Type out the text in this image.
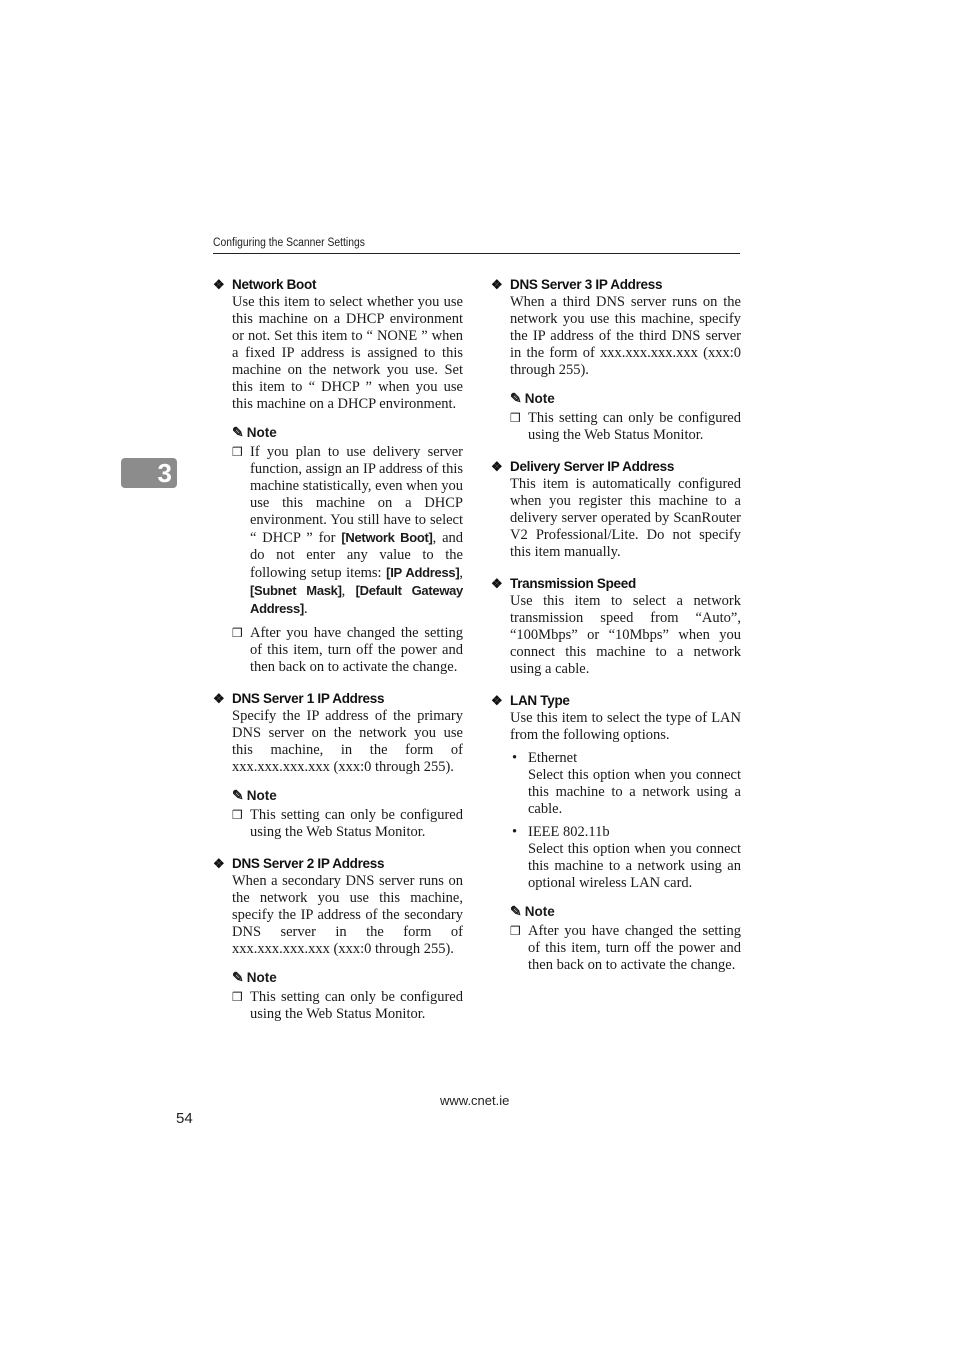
Configuring the Scanner Settings
3
❖ Network Boot
Use this item to select whether you use this machine on a DHCP environment or not. Set this item to “ NONE ” when a fixed IP address is assigned to this machine on the network you use. Set this item to “ DHCP ” when you use this machine on a DHCP environment.
✎ Note
❒ If you plan to use delivery server function, assign an IP address of this machine statistically, even when you use this machine on a DHCP environment. You still have to select “ DHCP ” for [Network Boot], and do not enter any value to the following setup items: [IP Address], [Subnet Mask], [Default Gateway Address].
❒ After you have changed the setting of this item, turn off the power and then back on to activate the change.
❖ DNS Server 1 IP Address
Specify the IP address of the primary DNS server on the network you use this machine, in the form of xxx.xxx.xxx.xxx (xxx:0 through 255).
✎ Note
❒ This setting can only be configured using the Web Status Monitor.
❖ DNS Server 2 IP Address
When a secondary DNS server runs on the network you use this machine, specify the IP address of the secondary DNS server in the form of xxx.xxx.xxx.xxx (xxx:0 through 255).
✎ Note
❒ This setting can only be configured using the Web Status Monitor.
❖ DNS Server 3 IP Address
When a third DNS server runs on the network you use this machine, specify the IP address of the third DNS server in the form of xxx.xxx.xxx.xxx (xxx:0 through 255).
✎ Note
❒ This setting can only be configured using the Web Status Monitor.
❖ Delivery Server IP Address
This item is automatically configured when you register this machine to a delivery server operated by ScanRouter V2 Professional/Lite. Do not specify this item manually.
❖ Transmission Speed
Use this item to select a network transmission speed from “Auto”, “100Mbps” or “10Mbps” when you connect this machine to a network using a cable.
❖ LAN Type
Use this item to select the type of LAN from the following options.
• Ethernet
Select this option when you connect this machine to a network using a cable.
• IEEE 802.11b
Select this option when you connect this machine to a network using an optional wireless LAN card.
✎ Note
❒ After you have changed the setting of this item, turn off the power and then back on to activate the change.
54
www.cnet.ie
